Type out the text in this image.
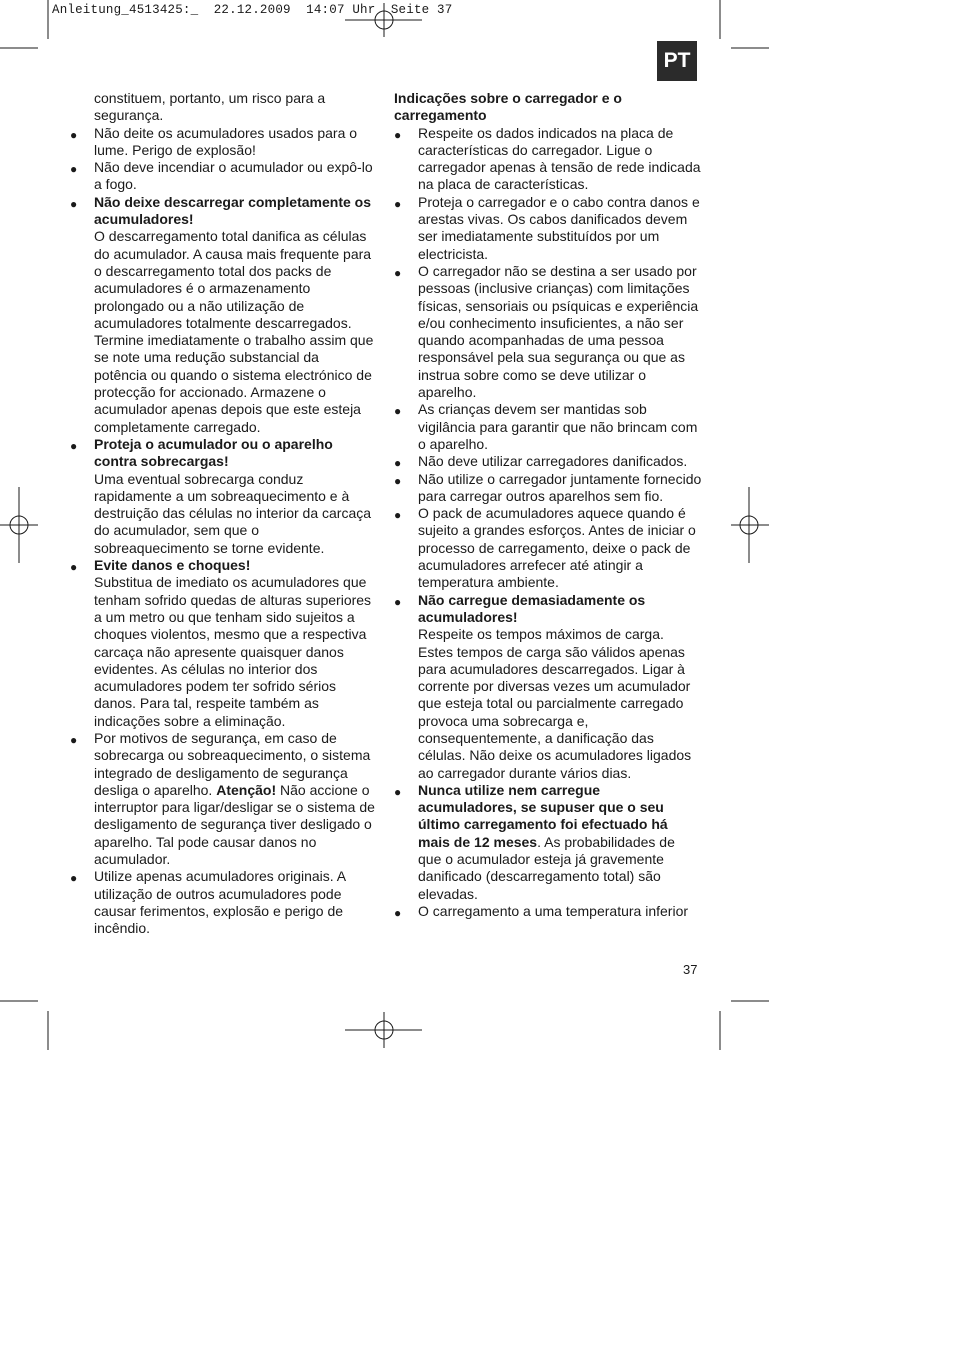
Anleitung_4513425:_  22.12.2009  14:07 Uhr  Seite 37
PT

constituem, portanto, um risco para a segurança.

● Não deite os acumuladores usados para o lume. Perigo de explosão!
● Não deve incendiar o acumulador ou expô-lo a fogo.
● Não deixe descarregar completamente os acumuladores!
O descarregamento total danifica as células do acumulador. A causa mais frequente para o descarregamento total dos packs de acumuladores é o armazenamento prolongado ou a não utilização de acumuladores totalmente descarregados. Termine imediatamente o trabalho assim que se note uma redução substancial da potência ou quando o sistema electrónico de protecção for accionado. Armazene o acumulador apenas depois que este esteja completamente carregado.
● Proteja o acumulador ou o aparelho contra sobrecargas!
Uma eventual sobrecarga conduz rapidamente a um sobreaquecimento e à destruição das células no interior da carcaça do acumulador, sem que o sobreaquecimento se torne evidente.
● Evite danos e choques!
Substitua de imediato os acumuladores que tenham sofrido quedas de alturas superiores a um metro ou que tenham sido sujeitos a choques violentos, mesmo que a respectiva carcaça não apresente quaisquer danos evidentes. As células no interior dos acumuladores podem ter sofrido sérios danos. Para tal, respeite também as indicações sobre a eliminação.
● Por motivos de segurança, em caso de sobrecarga ou sobreaquecimento, o sistema integrado de desligamento de segurança desliga o aparelho. Atenção! Não accione o interruptor para ligar/desligar se o sistema de desligamento de segurança tiver desligado o aparelho. Tal pode causar danos no acumulador.
● Utilize apenas acumuladores originais. A utilização de outros acumuladores pode causar ferimentos, explosão e perigo de incêndio.

Indicações sobre o carregador e o carregamento

● Respeite os dados indicados na placa de características do carregador. Ligue o carregador apenas à tensão de rede indicada na placa de características.
● Proteja o carregador e o cabo contra danos e arestas vivas. Os cabos danificados devem ser imediatamente substituídos por um electricista.
● O carregador não se destina a ser usado por pessoas (inclusive crianças) com limitações físicas, sensoriais ou psíquicas e experiência e/ou conhecimento insuficientes, a não ser quando acompanhadas de uma pessoa responsável pela sua segurança ou que as instrua sobre como se deve utilizar o aparelho.
● As crianças devem ser mantidas sob vigilância para garantir que não brincam com o aparelho.
● Não deve utilizar carregadores danificados.
● Não utilize o carregador juntamente fornecido para carregar outros aparelhos sem fio.
● O pack de acumuladores aquece quando é sujeito a grandes esforços. Antes de iniciar o processo de carregamento, deixe o pack de acumuladores arrefecer até atingir a temperatura ambiente.
● Não carregue demasiadamente os acumuladores!
Respeite os tempos máximos de carga. Estes tempos de carga são válidos apenas para acumuladores descarregados. Ligar à corrente por diversas vezes um acumulador que esteja total ou parcialmente carregado provoca uma sobrecarga e, consequentemente, a danificação das células. Não deixe os acumuladores ligados ao carregador durante vários dias.
● Nunca utilize nem carregue acumuladores, se supuser que o seu último carregamento foi efectuado há mais de 12 meses. As probabilidades de que o acumulador esteja já gravemente danificado (descarregamento total) são elevadas.
● O carregamento a uma temperatura inferior
37
